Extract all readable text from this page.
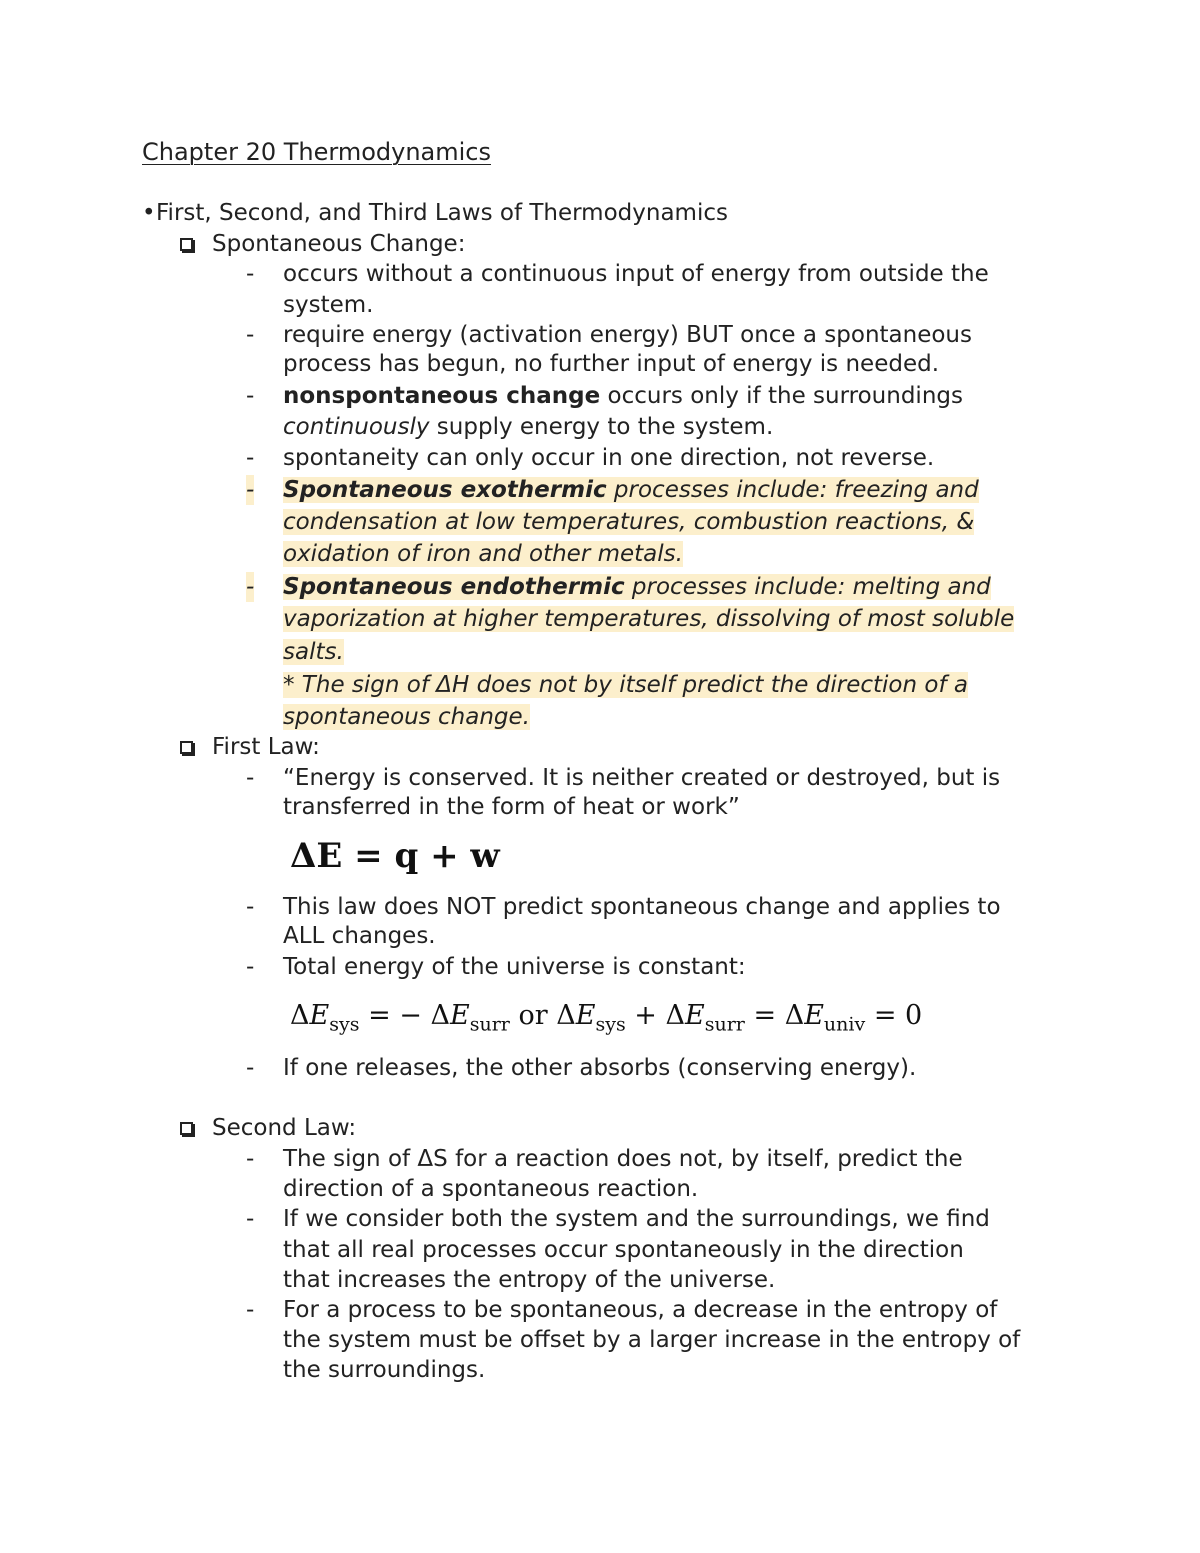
Chapter 20 Thermodynamics
• First, Second, and Third Laws of Thermodynamics
Spontaneous Change:
- occurs without a continuous input of energy from outside the
system.
- require energy (activation energy) BUT once a spontaneous
process has begun, no further input of energy is needed.
- nonspontaneous change occurs only if the surroundings
continuously supply energy to the system.
- spontaneity can only occur in one direction, not reverse.
- Spontaneous exothermic processes include: freezing and
condensation at low temperatures, combustion reactions, &
oxidation of iron and other metals.
- Spontaneous endothermic processes include: melting and
vaporization at higher temperatures, dissolving of most soluble
salts.
* The sign of ΔH does not by itself predict the direction of a
spontaneous change.
First Law:
- “Energy is conserved. It is neither created or destroyed, but is
transferred in the form of heat or work”
ΔE = q + w
- This law does NOT predict spontaneous change and applies to
ALL changes.
- Total energy of the universe is constant:
$\Delta E_{sys}$ = − $\Delta E_{surr}$ or $\Delta E_{sys} + \Delta E_{surr} = \Delta E_{univ} = 0$
- If one releases, the other absorbs (conserving energy).
Second Law:
- The sign of ΔS for a reaction does not, by itself, predict the
direction of a spontaneous reaction.
- If we consider both the system and the surroundings, we find
that all real processes occur spontaneously in the direction
that increases the entropy of the universe.
- For a process to be spontaneous, a decrease in the entropy of
the system must be offset by a larger increase in the entropy of
the surroundings.
